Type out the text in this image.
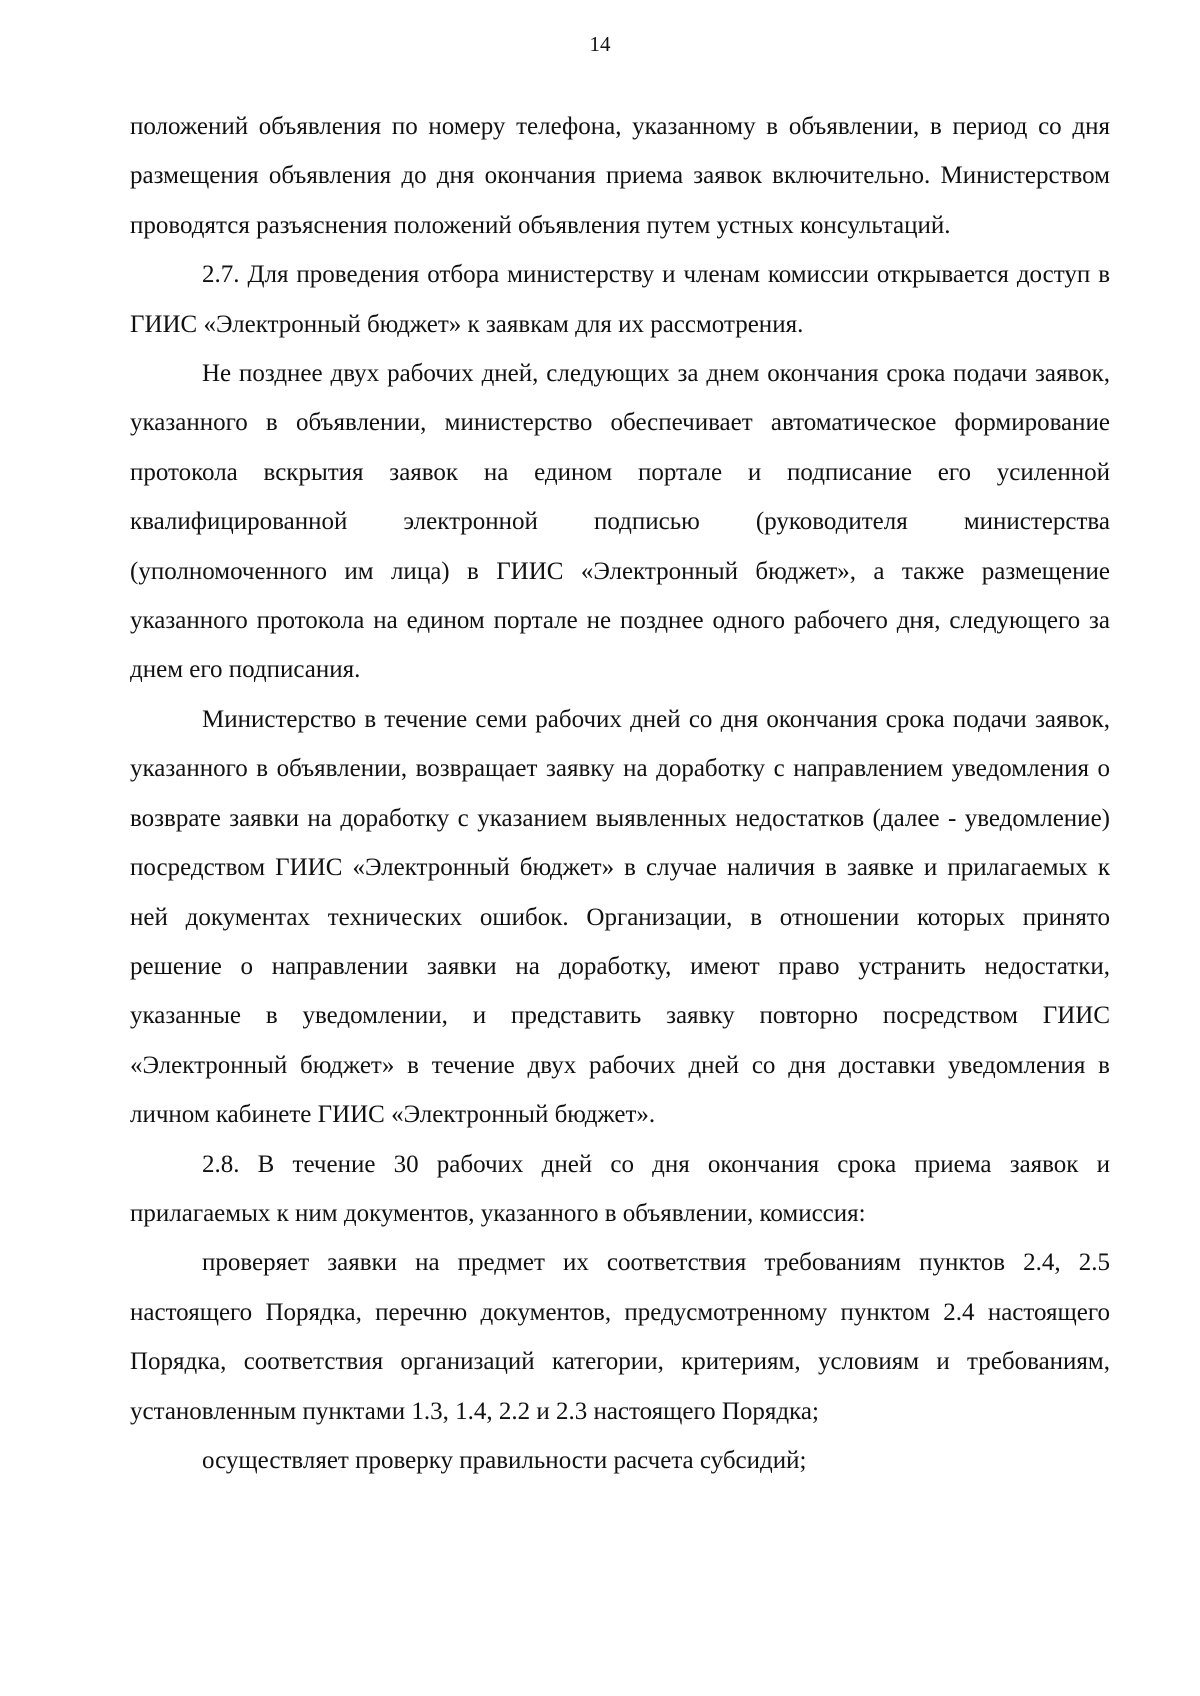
14

положений объявления по номеру телефона, указанному в объявлении, в период со дня размещения объявления до дня окончания приема заявок включительно. Министерством проводятся разъяснения положений объявления путем устных консультаций.

2.7. Для проведения отбора министерству и членам комиссии открывается доступ в ГИИС «Электронный бюджет» к заявкам для их рассмотрения.

Не позднее двух рабочих дней, следующих за днем окончания срока подачи заявок, указанного в объявлении, министерство обеспечивает автоматическое формирование протокола вскрытия заявок на едином портале и подписание его усиленной квалифицированной электронной подписью (руководителя министерства (уполномоченного им лица) в ГИИС «Электронный бюджет», а также размещение указанного протокола на едином портале не позднее одного рабочего дня, следующего за днем его подписания.

Министерство в течение семи рабочих дней со дня окончания срока подачи заявок, указанного в объявлении, возвращает заявку на доработку с направлением уведомления о возврате заявки на доработку с указанием выявленных недостатков (далее - уведомление) посредством ГИИС «Электронный бюджет» в случае наличия в заявке и прилагаемых к ней документах технических ошибок. Организации, в отношении которых принято решение о направлении заявки на доработку, имеют право устранить недостатки, указанные в уведомлении, и представить заявку повторно посредством ГИИС «Электронный бюджет» в течение двух рабочих дней со дня доставки уведомления в личном кабинете ГИИС «Электронный бюджет».

2.8. В течение 30 рабочих дней со дня окончания срока приема заявок и прилагаемых к ним документов, указанного в объявлении, комиссия:

проверяет заявки на предмет их соответствия требованиям пунктов 2.4, 2.5 настоящего Порядка, перечню документов, предусмотренному пунктом 2.4 настоящего Порядка, соответствия организаций категории, критериям, условиям и требованиям, установленным пунктами 1.3, 1.4, 2.2 и 2.3 настоящего Порядка;

осуществляет проверку правильности расчета субсидий;
